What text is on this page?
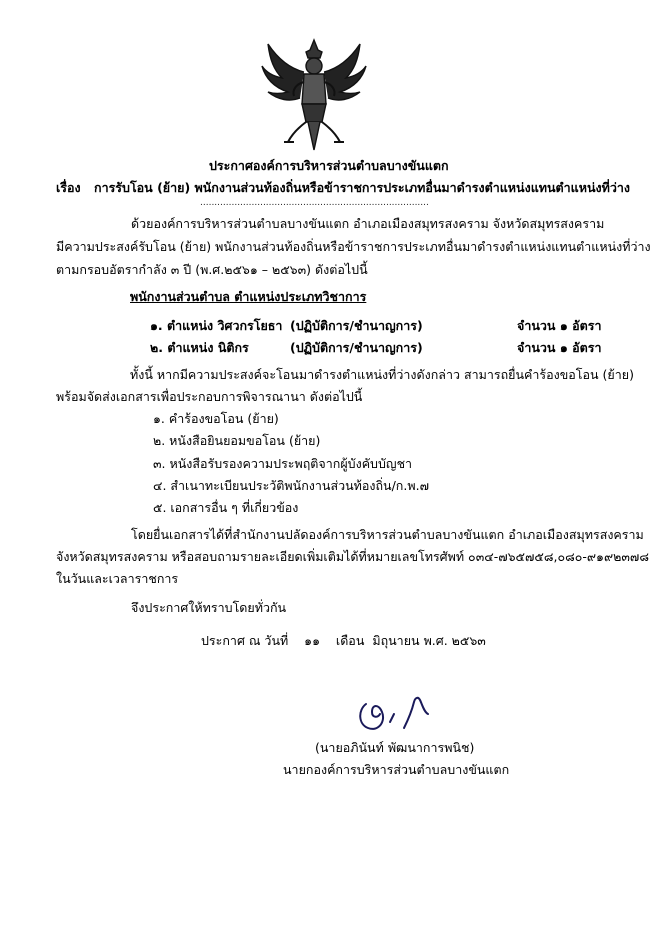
ประกาศองค์การบริหารส่วนตำบลบางขันแตก
เรื่อง การรับโอน (ย้าย) พนักงานส่วนท้องถิ่นหรือข้าราชการประเภทอื่นมาดำรงตำแหน่งแทนตำแหน่งที่ว่าง
................................................................................
ด้วยองค์การบริหารส่วนตำบลบางขันแตก อำเภอเมืองสมุทรสงคราม จังหวัดสมุทรสงคราม
มีความประสงค์รับโอน (ย้าย) พนักงานส่วนท้องถิ่นหรือข้าราชการประเภทอื่นมาดำรงตำแหน่งแทนตำแหน่งที่ว่าง
ตามกรอบอัตรากำลัง ๓ ปี (พ.ศ.๒๕๖๑ – ๒๕๖๓) ดังต่อไปนี้
พนักงานส่วนตำบล ตำแหน่งประเภทวิชาการ
๑. ตำแหน่ง วิศวกรโยธา (ปฏิบัติการ/ชำนาญการ)	จำนวน ๑ อัตรา
๒. ตำแหน่ง นิติกร	(ปฏิบัติการ/ชำนาญการ)	จำนวน ๑ อัตรา
ทั้งนี้ หากมีความประสงค์จะโอนมาดำรงตำแหน่งที่ว่างดังกล่าว สามารถยื่นคำร้องขอโอน (ย้าย)
พร้อมจัดส่งเอกสารเพื่อประกอบการพิจารณานา ดังต่อไปนี้
๑. คำร้องขอโอน (ย้าย)
๒. หนังสือยินยอมขอโอน (ย้าย)
๓. หนังสือรับรองความประพฤติจากผู้บังคับบัญชา
๔. สำเนาทะเบียนประวัติพนักงานส่วนท้องถิ่น/ก.พ.๗
๕. เอกสารอื่น ๆ ที่เกี่ยวข้อง
โดยยื่นเอกสารได้ที่สำนักงานปลัดองค์การบริหารส่วนตำบลบางขันแตก อำเภอเมืองสมุทรสงคราม
จังหวัดสมุทรสงคราม หรือสอบถามรายละเอียดเพิ่มเติมได้ที่หมายเลขโทรศัพท์ ๐๓๔-๗๖๕๗๕๘,๐๘๐-๙๑๙๒๓๗๘
ในวันและเวลาราชการ
จึงประกาศให้ทราบโดยทั่วกัน
ประกาศ ณ วันที่ ๑๑ เดือน มิถุนายน พ.ศ. ๒๕๖๓
(นายอภินันท์ พัฒนาการพนิช)
นายกองค์การบริหารส่วนตำบลบางขันแตก
